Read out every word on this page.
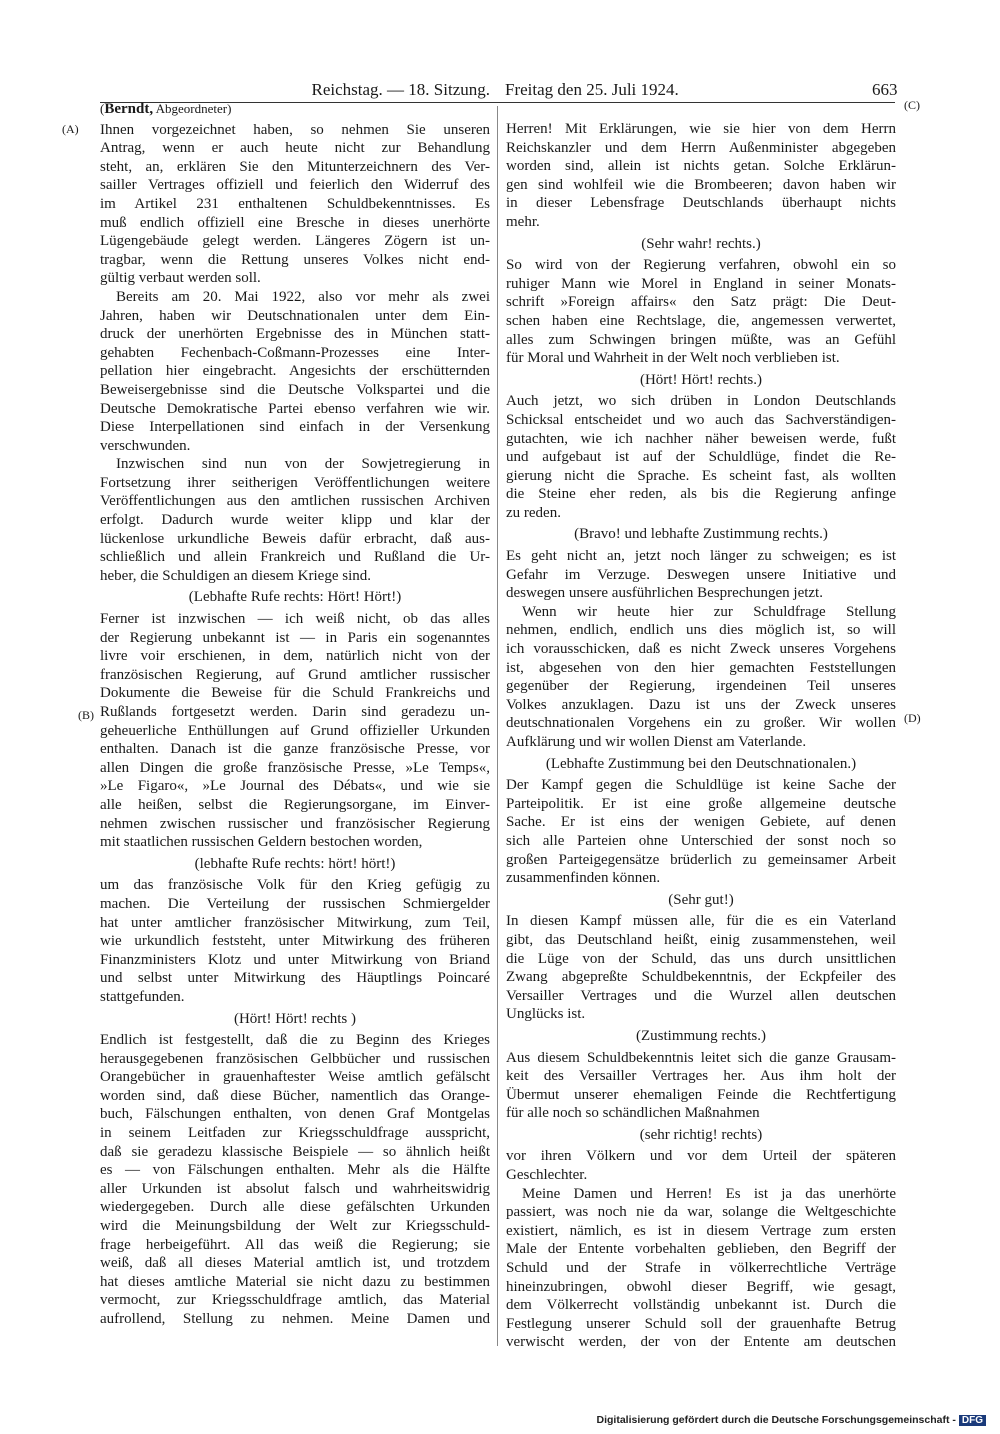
Reichstag. — 18. Sitzung. Freitag den 25. Juli 1924.	663
(A)
(B)
(C)
(D)
(Berndt, Abgeordneter)
Ihnen vorgezeichnet haben, so nehmen Sie unseren
Antrag, wenn er auch heute nicht zur Behandlung
steht, an, erklären Sie den Mitunterzeichnern des Ver-
sailler Vertrages offiziell und feierlich den Widerruf des
im Artikel 231 enthaltenen Schuldbekenntnisses. Es
muß endlich offiziell eine Bresche in dieses unerhörte
Lügengebäude gelegt werden. Längeres Zögern ist un-
tragbar, wenn die Rettung unseres Volkes nicht end-
gültig verbaut werden soll.
Bereits am 20. Mai 1922, also vor mehr als zwei
Jahren, haben wir Deutschnationalen unter dem Ein-
druck der unerhörten Ergebnisse des in München statt-
gehabten Fechenbach-Coßmann-Prozesses eine Inter-
pellation hier eingebracht. Angesichts der erschütternden
Beweisergebnisse sind die Deutsche Volkspartei und die
Deutsche Demokratische Partei ebenso verfahren wie wir.
Diese Interpellationen sind einfach in der Versenkung
verschwunden.
Inzwischen sind nun von der Sowjetregierung in
Fortsetzung ihrer seitherigen Veröffentlichungen weitere
Veröffentlichungen aus den amtlichen russischen Archiven
erfolgt. Dadurch wurde weiter klipp und klar der
lückenlose urkundliche Beweis dafür erbracht, daß aus-
schließlich und allein Frankreich und Rußland die Ur-
heber, die Schuldigen an diesem Kriege sind.
(Lebhafte Rufe rechts: Hört! Hört!)
Ferner ist inzwischen — ich weiß nicht, ob das alles
der Regierung unbekannt ist — in Paris ein sogenanntes
livre voir erschienen, in dem, natürlich nicht von der
französischen Regierung, auf Grund amtlicher russischer
Dokumente die Beweise für die Schuld Frankreichs und
Rußlands fortgesetzt werden. Darin sind geradezu un-
geheuerliche Enthüllungen auf Grund offizieller Urkunden
enthalten. Danach ist die ganze französische Presse, vor
allen Dingen die große französische Presse, »Le Temps«,
»Le Figaro«, »Le Journal des Débats«, und wie sie
alle heißen, selbst die Regierungsorgane, im Einver-
nehmen zwischen russischer und französischer Regierung
mit staatlichen russischen Geldern bestochen worden,
(lebhafte Rufe rechts: hört! hört!)
um das französische Volk für den Krieg gefügig zu
machen. Die Verteilung der russischen Schmiergelder
hat unter amtlicher französischer Mitwirkung, zum Teil,
wie urkundlich feststeht, unter Mitwirkung des früheren
Finanzministers Klotz und unter Mitwirkung von Briand
und selbst unter Mitwirkung des Häuptlings Poincaré
stattgefunden.
(Hört! Hört! rechts )
Endlich ist festgestellt, daß die zu Beginn des Krieges
herausgegebenen französischen Gelbbücher und russischen
Orangebücher in grauenhaftester Weise amtlich gefälscht
worden sind, daß diese Bücher, namentlich das Orange-
buch, Fälschungen enthalten, von denen Graf Montgelas
in seinem Leitfaden zur Kriegsschuldfrage ausspricht,
daß sie geradezu klassische Beispiele — so ähnlich heißt
es — von Fälschungen enthalten. Mehr als die Hälfte
aller Urkunden ist absolut falsch und wahrheitswidrig
wiedergegeben. Durch alle diese gefälschten Urkunden
wird die Meinungsbildung der Welt zur Kriegsschuld-
frage herbeigeführt. All das weiß die Regierung; sie
weiß, daß all dieses Material amtlich ist, und trotzdem
hat dieses amtliche Material sie nicht dazu zu bestimmen
vermocht, zur Kriegsschuldfrage amtlich, das Material
aufrollend, Stellung zu nehmen. Meine Damen und
Herren! Mit Erklärungen, wie sie hier von dem Herrn
Reichskanzler und dem Herrn Außenminister abgegeben
worden sind, allein ist nichts getan. Solche Erklärun-
gen sind wohlfeil wie die Brombeeren; davon haben wir
in dieser Lebensfrage Deutschlands überhaupt nichts
mehr.
(Sehr wahr! rechts.)
So wird von der Regierung verfahren, obwohl ein so
ruhiger Mann wie Morel in England in seiner Monats-
schrift »Foreign affairs« den Satz prägt: Die Deut-
schen haben eine Rechtslage, die, angemessen verwertet,
alles zum Schwingen bringen müßte, was an Gefühl
für Moral und Wahrheit in der Welt noch verblieben ist.
(Hört! Hört! rechts.)
Auch jetzt, wo sich drüben in London Deutschlands
Schicksal entscheidet und wo auch das Sachverständigen-
gutachten, wie ich nachher näher beweisen werde, fußt
und aufgebaut ist auf der Schuldlüge, findet die Re-
gierung nicht die Sprache. Es scheint fast, als wollten
die Steine eher reden, als bis die Regierung anfinge
zu reden.
(Bravo! und lebhafte Zustimmung rechts.)
Es geht nicht an, jetzt noch länger zu schweigen; es ist
Gefahr im Verzuge. Deswegen unsere Initiative und
deswegen unsere ausführlichen Besprechungen jetzt.
Wenn wir heute hier zur Schuldfrage Stellung
nehmen, endlich, endlich uns dies möglich ist, so will
ich vorausschicken, daß es nicht Zweck unseres Vorgehens
ist, abgesehen von den hier gemachten Feststellungen
gegenüber der Regierung, irgendeinen Teil unseres
Volkes anzuklagen. Dazu ist uns der Zweck unseres
deutschnationalen Vorgehens ein zu großer. Wir wollen
Aufklärung und wir wollen Dienst am Vaterlande.
(Lebhafte Zustimmung bei den Deutschnationalen.)
Der Kampf gegen die Schuldlüge ist keine Sache der
Parteipolitik. Er ist eine große allgemeine deutsche
Sache. Er ist eins der wenigen Gebiete, auf denen
sich alle Parteien ohne Unterschied der sonst noch so
großen Parteigegensätze brüderlich zu gemeinsamer Arbeit
zusammenfinden können.
(Sehr gut!)
In diesen Kampf müssen alle, für die es ein Vaterland
gibt, das Deutschland heißt, einig zusammenstehen, weil
die Lüge von der Schuld, das uns durch unsittlichen
Zwang abgepreßte Schuldbekenntnis, der Eckpfeiler des
Versailler Vertrages und die Wurzel allen deutschen
Unglücks ist.
(Zustimmung rechts.)
Aus diesem Schuldbekenntnis leitet sich die ganze Grausam-
keit des Versailler Vertrages her. Aus ihm holt der
Übermut unserer ehemaligen Feinde die Rechtfertigung
für alle noch so schändlichen Maßnahmen
(sehr richtig! rechts)
vor ihren Völkern und vor dem Urteil der späteren
Geschlechter.
Meine Damen und Herren! Es ist ja das unerhörte
passiert, was noch nie da war, solange die Weltgeschichte
existiert, nämlich, es ist in diesem Vertrage zum ersten
Male der Entente vorbehalten geblieben, den Begriff der
Schuld und der Strafe in völkerrechtliche Verträge
hineinzubringen, obwohl dieser Begriff, wie gesagt,
dem Völkerrecht vollständig unbekannt ist. Durch die
Festlegung unserer Schuld soll der grauenhafte Betrug
verwischt werden, der von der Entente am deutschen
Digitalisierung gefördert durch die Deutsche Forschungsgemeinschaft - DFG
